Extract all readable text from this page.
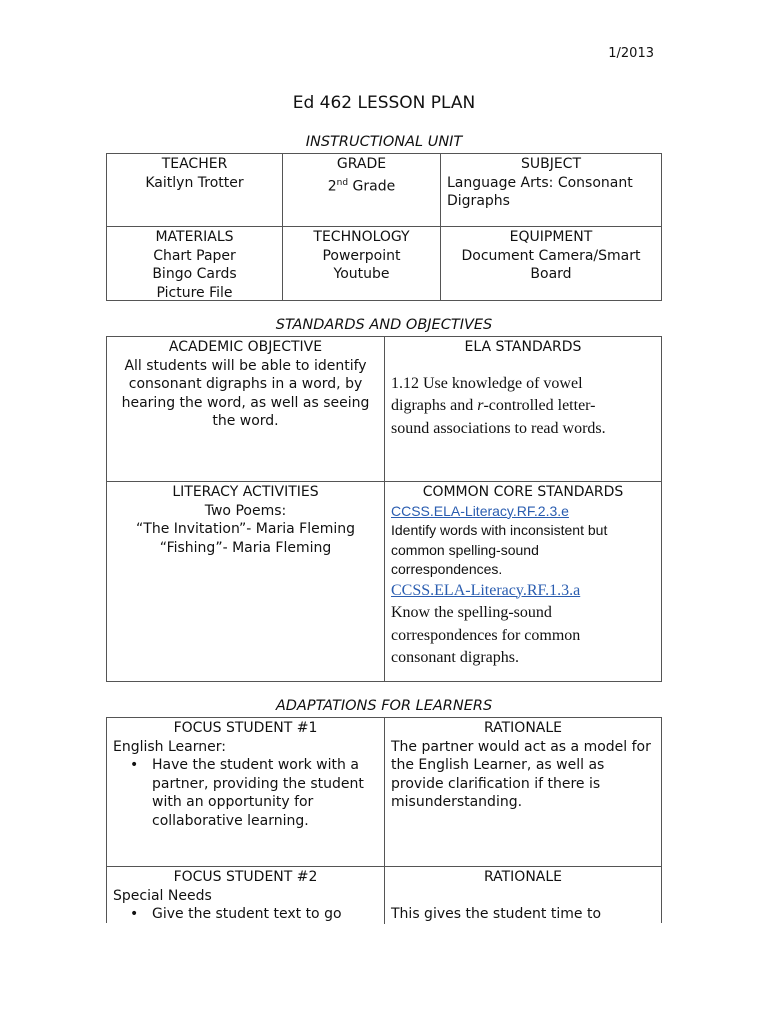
1/2013
Ed 462 LESSON PLAN
INSTRUCTIONAL UNIT
TEACHER
Kaitlyn Trotter
GRADE
2nd Grade
SUBJECT
Language Arts: Consonant Digraphs
MATERIALS
Chart Paper
Bingo Cards
Picture File
TECHNOLOGY
Powerpoint
Youtube
EQUIPMENT
Document Camera/Smart Board
STANDARDS AND OBJECTIVES
ACADEMIC OBJECTIVE
All students will be able to identify consonant digraphs in a word, by hearing the word, as well as seeing the word.
ELA STANDARDS
1.12 Use knowledge of vowel digraphs and r-controlled letter-sound associations to read words.
LITERACY ACTIVITIES
Two Poems:
“The Invitation”- Maria Fleming
“Fishing”- Maria Fleming
COMMON CORE STANDARDS
CCSS.ELA-Literacy.RF.2.3.e
Identify words with inconsistent but common spelling-sound correspondences.
CCSS.ELA-Literacy.RF.1.3.a
Know the spelling-sound correspondences for common consonant digraphs.
ADAPTATIONS FOR LEARNERS
FOCUS STUDENT #1
English Learner:
• Have the student work with a partner, providing the student with an opportunity for collaborative learning.
RATIONALE
The partner would act as a model for the English Learner, as well as provide clarification if there is misunderstanding.
FOCUS STUDENT #2
Special Needs
• Give the student text to go
RATIONALE
This gives the student time to
